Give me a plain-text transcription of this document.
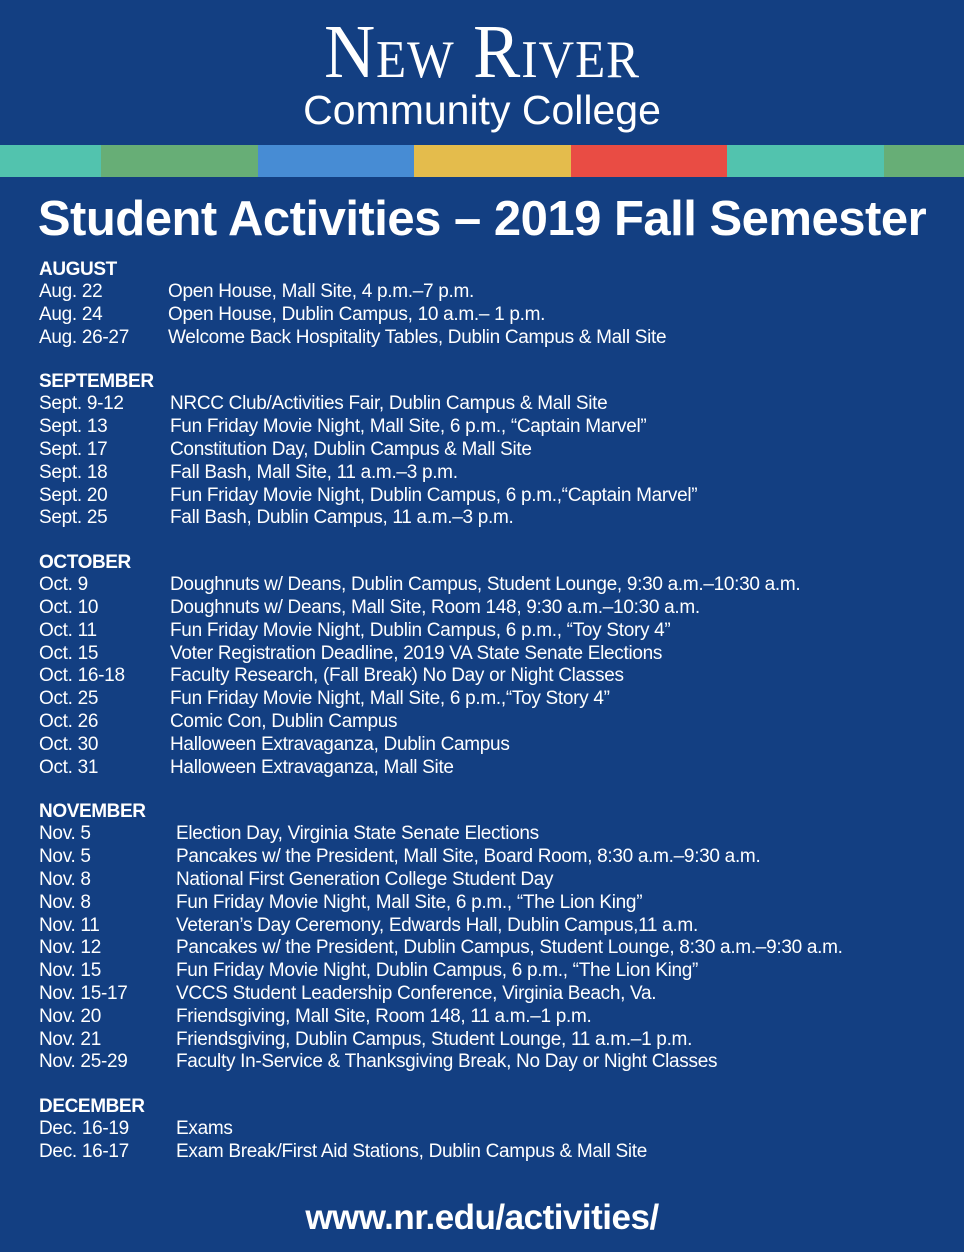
New River
Community College
Student Activities – 2019 Fall Semester
AUGUST
Aug. 22	Open House, Mall Site, 4 p.m.–7 p.m.
Aug. 24	Open House, Dublin Campus, 10 a.m.– 1 p.m.
Aug. 26-27	Welcome Back Hospitality Tables, Dublin Campus & Mall Site
SEPTEMBER
Sept. 9-12	NRCC Club/Activities Fair, Dublin Campus & Mall Site
Sept. 13	Fun Friday Movie Night, Mall Site, 6 p.m., “Captain Marvel”
Sept. 17	Constitution Day, Dublin Campus & Mall Site
Sept. 18	Fall Bash, Mall Site, 11 a.m.–3 p.m.
Sept. 20	Fun Friday Movie Night, Dublin Campus, 6 p.m.,“Captain Marvel”
Sept. 25	Fall Bash, Dublin Campus, 11 a.m.–3 p.m.
OCTOBER
Oct. 9	Doughnuts w/ Deans, Dublin Campus, Student Lounge, 9:30 a.m.–10:30 a.m.
Oct. 10	Doughnuts w/ Deans, Mall Site, Room 148, 9:30 a.m.–10:30 a.m.
Oct. 11	Fun Friday Movie Night, Dublin Campus, 6 p.m., “Toy Story 4”
Oct. 15	Voter Registration Deadline, 2019 VA State Senate Elections
Oct. 16-18	Faculty Research, (Fall Break) No Day or Night Classes
Oct. 25	Fun Friday Movie Night, Mall Site, 6 p.m.,“Toy Story 4”
Oct. 26	Comic Con, Dublin Campus
Oct. 30	Halloween Extravaganza, Dublin Campus
Oct. 31	Halloween Extravaganza, Mall Site
NOVEMBER
Nov. 5	Election Day, Virginia State Senate Elections
Nov. 5	Pancakes w/ the President, Mall Site, Board Room, 8:30 a.m.–9:30 a.m.
Nov. 8	National First Generation College Student Day
Nov. 8	Fun Friday Movie Night, Mall Site, 6 p.m., “The Lion King”
Nov. 11	Veteran’s Day Ceremony, Edwards Hall, Dublin Campus,11 a.m.
Nov. 12	Pancakes w/ the President, Dublin Campus, Student Lounge, 8:30 a.m.–9:30 a.m.
Nov. 15	Fun Friday Movie Night, Dublin Campus, 6 p.m., “The Lion King”
Nov. 15-17	VCCS Student Leadership Conference, Virginia Beach, Va.
Nov. 20	Friendsgiving, Mall Site, Room 148, 11 a.m.–1 p.m.
Nov. 21	Friendsgiving, Dublin Campus, Student Lounge, 11 a.m.–1 p.m.
Nov. 25-29	Faculty In-Service & Thanksgiving Break, No Day or Night Classes
DECEMBER
Dec. 16-19	Exams
Dec. 16-17	Exam Break/First Aid Stations, Dublin Campus & Mall Site
www.nr.edu/activities/
